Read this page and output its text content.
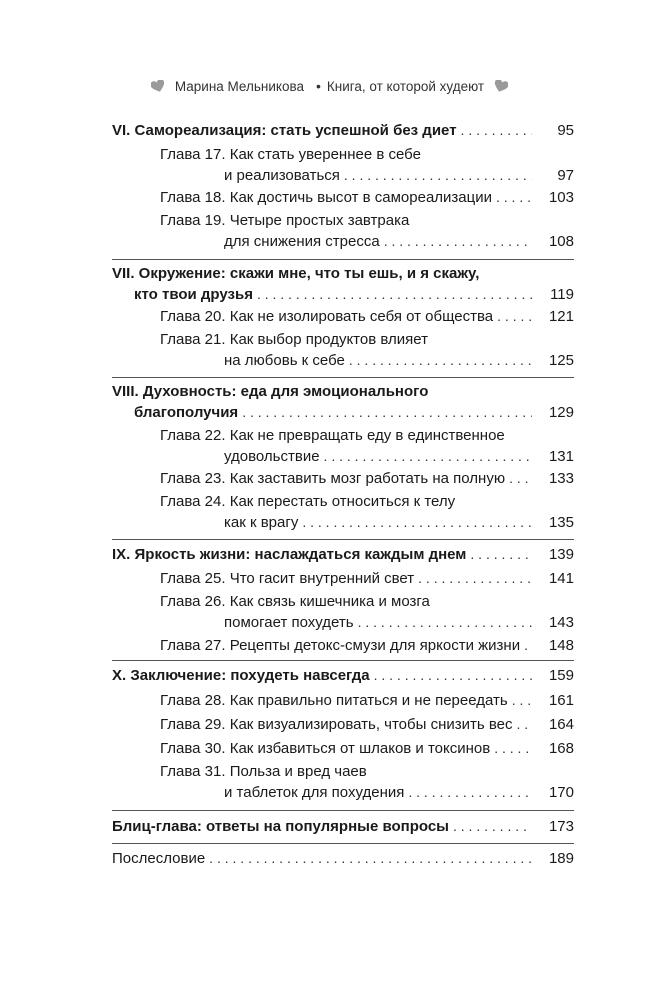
Марина Мельникова • Книга, от которой худеют
VI. Самореализация: стать успешной без диет . . .	95
Глава 17. Как стать увереннее в себе
и реализоваться . . .	97
Глава 18. Как достичь высот в самореализации . . .	103
Глава 19. Четыре простых завтрака
для снижения стресса . . .	108
VII. Окружение: скажи мне, что ты ешь, и я скажу,
кто твои друзья . . .	119
Глава 20. Как не изолировать себя от общества . . .	121
Глава 21. Как выбор продуктов влияет
на любовь к себе . . .	125
VIII. Духовность: еда для эмоционального
благополучия . . .	129
Глава 22. Как не превращать еду в единственное
удовольствие . . .	131
Глава 23. Как заставить мозг работать на полную . . .	133
Глава 24. Как перестать относиться к телу
как к врагу . . .	135
IX. Яркость жизни: наслаждаться каждым днем . . .	139
Глава 25. Что гасит внутренний свет . . .	141
Глава 26. Как связь кишечника и мозга
помогает похудеть . . .	143
Глава 27. Рецепты детокс-смузи для яркости жизни . . .	148
X. Заключение: похудеть навсегда . . .	159
Глава 28. Как правильно питаться и не переедать . . .	161
Глава 29. Как визуализировать, чтобы снизить вес . . .	164
Глава 30. Как избавиться от шлаков и токсинов . . .	168
Глава 31. Польза и вред чаев
и таблеток для похудения . . .	170
Блиц-глава: ответы на популярные вопросы . . .	173
Послесловие . . .	189
